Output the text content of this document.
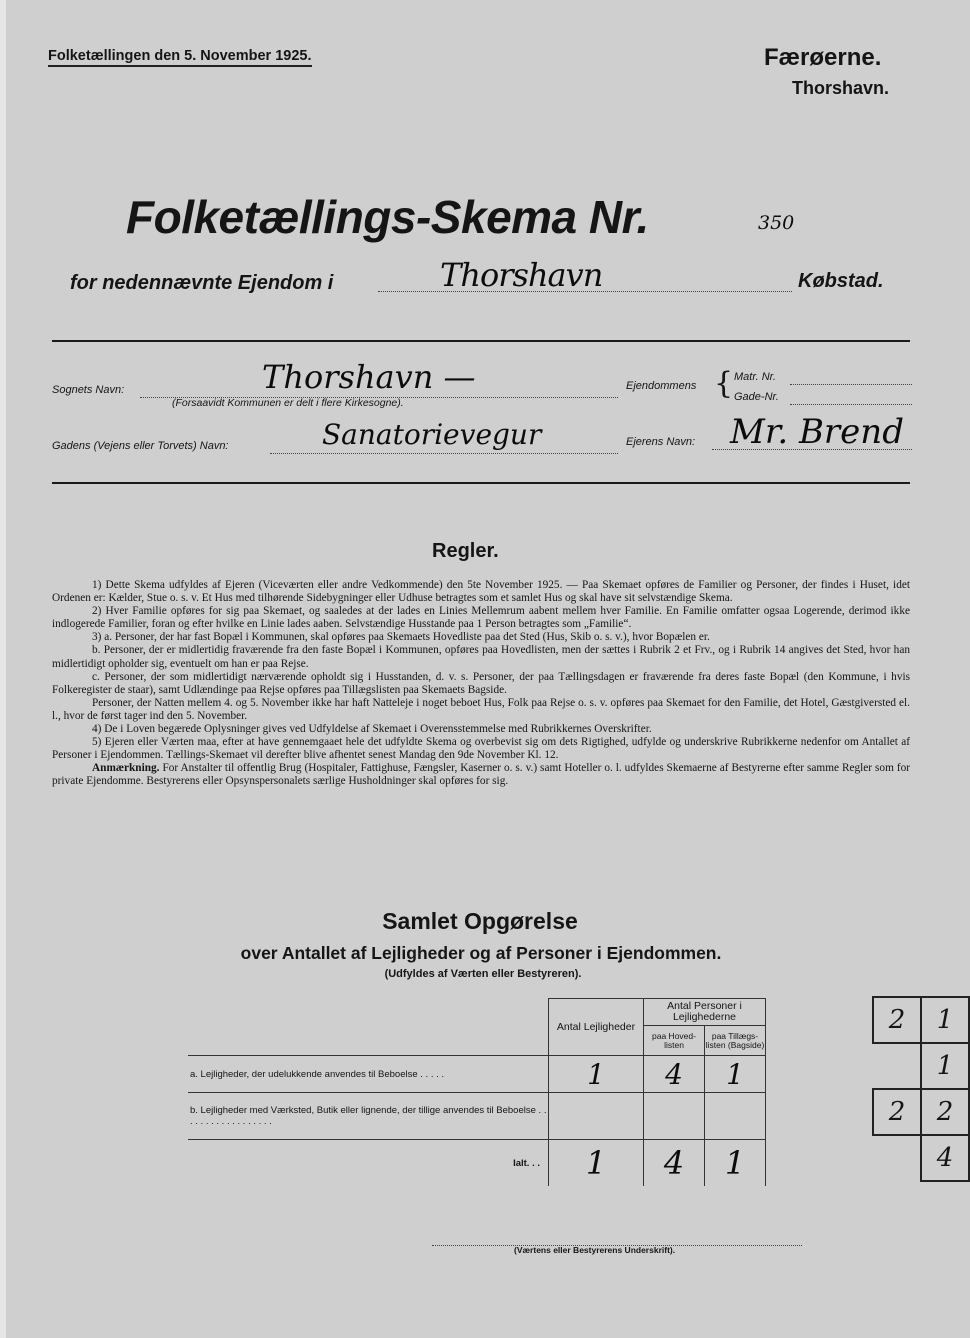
Folketællingen den 5. November 1925.	Færøerne.
Thorshavn.
Folketællings-Skema Nr.	350
for nedennævnte Ejendom i	Thorshavn	Købstad.
Sognets Navn:	Thorshavn —
(Forsaavidt Kommunen er delt i flere Kirkesogne).
Ejendommens { Matr. Nr.
Gade-Nr.
Gadens (Vejens eller Torvets) Navn:	Sanatorievegur	Ejerens Navn: Mr. Brend
Regler.

1) Dette Skema udfyldes af Ejeren (Viceværten eller andre Vedkommende) den 5te November 1925. — Paa Skemaet opføres de Familier og Personer, der findes i Huset, idet Ordenen er: Kælder, Stue o. s. v. Et Hus med tilhørende Sidebygninger eller Udhuse betragtes som et samlet Hus og skal have sit selvstændige Skema.

2) Hver Familie opføres for sig paa Skemaet, og saaledes at der lades en Linies Mellemrum aabent mellem hver Familie. En Familie omfatter ogsaa Logerende, derimod ikke indlogerede Familier, foran og efter hvilke en Linie lades aaben. Selvstændige Husstande paa 1 Person betragtes som „Familie“.

3) a. Personer, der har fast Bopæl i Kommunen, skal opføres paa Skemaets Hovedliste paa det Sted (Hus, Skib o. s. v.), hvor Bopælen er.

b. Personer, der er midlertidig fraværende fra den faste Bopæl i Kommunen, opføres paa Hovedlisten, men der sættes i Rubrik 2 et Frv., og i Rubrik 14 angives det Sted, hvor han midlertidigt opholder sig, eventuelt om han er paa Rejse.

c. Personer, der som midlertidigt nærværende opholdt sig i Husstanden, d. v. s. Personer, der paa Tællingsdagen er fraværende fra deres faste Bopæl (den Kommune, i hvis Folkeregister de staar), samt Udlændinge paa Rejse opføres paa Tillægslisten paa Skemaets Bagside.

Personer, der Natten mellem 4. og 5. November ikke har haft Natteleje i noget beboet Hus, Folk paa Rejse o. s. v. opføres paa Skemaet for den Familie, det Hotel, Gæstgiversted el. l., hvor de først tager ind den 5. November.

4) De i Loven begærede Oplysninger gives ved Udfyldelse af Skemaet i Overensstemmelse med Rubrikkernes Overskrifter.

5) Ejeren eller Værten maa, efter at have gennemgaaet hele det udfyldte Skema og overbevist sig om dets Rigtighed, udfylde og underskrive Rubrikkerne nedenfor om Antallet af Personer i Ejendommen. Tællings-Skemaet vil derefter blive afhentet senest Mandag den 9de November Kl. 12.

Anmærkning. For Anstalter til offentlig Brug (Hospitaler, Fattighuse, Fængsler, Kaserner o. s. v.) samt Hoteller o. l. udfyldes Skemaerne af Bestyrerne efter samme Regler som for private Ejendomme. Bestyrerens eller Opsynspersonalets særlige Husholdninger skal opføres for sig.

Samlet Opgørelse
over Antallet af Lejligheder og af Personer i Ejendommen.
(Udfyldes af Værten eller Bestyreren).
	Antal Lejligheder	Antal Personer i Lejlighederne	
		paa Hoved-listen	paa Tillægs-listen (Bagside)
a. Lejligheder, der udelukkende anvendes til Beboelse . . . . .	1	4	1
b. Lejligheder med Værksted, Butik eller lignende, der tillige anvendes til Beboelse . . . . . . . . . . . . . . . . . .			
Ialt. . .	1	4	1
(Værtens eller Bestyrerens Underskrift).
2	1
	1
2	2
	4
